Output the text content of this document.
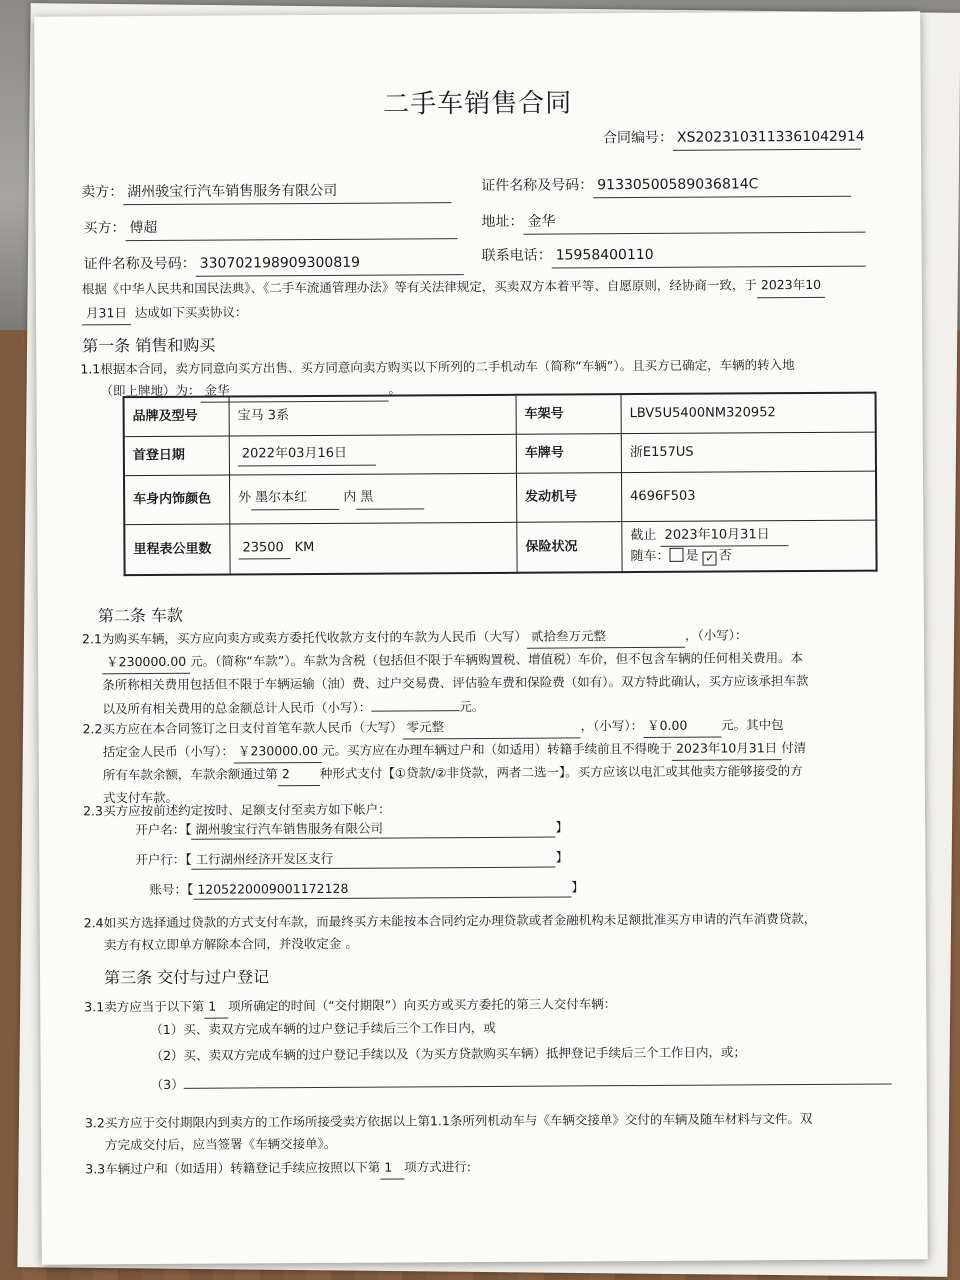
二手车销售合同
合同编号： XS2023103113361042914
卖方： 湖州骏宝行汽车销售服务有限公司	证件名称及号码： 91330500589036814C
买方： 傅超	地址： 金华
证件名称及号码： 330702198909300819	联系电话： 15958400110
根据《中华人民共和国民法典》、《二手车流通管理办法》等有关法律规定，买卖双方本着平等、自愿原则，经协商一致，于 2023年10
月31日 达成如下买卖协议：
第一条 销售和购买
1.1 根据本合同，卖方同意向买方出售、买方同意向卖方购买以下所列的二手机动车（简称“车辆”）。且买方已确定，车辆的转入地
（即上牌地）为： 金华	。
品牌及型号	宝马 3系	车架号	LBV5U5400NM320952
首登日期	2022年03月16日	车牌号	浙E157US
车身内饰颜色	外 墨尔本红 内 黑	发动机号	4696F503
里程表公里数	23500 KM	保险状况	截止 2023年10月31日
随车： 是 ✓ 否
第二条 车款
2.1 为购买车辆，买方应向卖方或卖方委托代收款方支付的车款为人民币（大写） 贰拾叁万元整	，（小写）：
￥230000.00 元。（简称“车款”）。车款为含税（包括但不限于车辆购置税、增值税）车价，但不包含车辆的任何相关费用。本
条所称相关费用包括但不限于车辆运输（油）费、过户交易费、评估验车费和保险费（如有）。双方特此确认，买方应该承担车款
以及所有相关费用的总金额总计人民币（小写）：	元。
2.2 买方应在本合同签订之日支付首笔车款人民币（大写） 零元整	，（小写）： ￥0.00	元。其中包
括定金人民币（小写）： ￥230000.00 元。买方应在办理车辆过户和（如适用）转籍手续前且不得晚于 2023年10月31日 付清
所有车款余额，车款余额通过第 2 种形式支付【①贷款/②非贷款，两者二选一】。买方应该以电汇或其他卖方能够接受的方
式支付车款。
2.3 买方应按前述约定按时、足额支付至卖方如下帐户：
开户名：【 湖州骏宝行汽车销售服务有限公司	】
开户行：【 工行湖州经济开发区支行	】
账号：【 1205220009001172128	】
2.4 如买方选择通过贷款的方式支付车款，而最终买方未能按本合同约定办理贷款或者金融机构未足额批准买方申请的汽车消费贷款，
卖方有权立即单方解除本合同，并没收定金 。
第三条 交付与过户登记
3.1 卖方应当于以下第 1 项所确定的时间（“交付期限”）向买方或买方委托的第三人交付车辆：
（1）买、卖双方完成车辆的过户登记手续后三个工作日内，或
（2）买、卖双方完成车辆的过户登记手续以及（为买方贷款购买车辆）抵押登记手续后三个工作日内，或；
（3）
3.2 买方应于交付期限内到卖方的工作场所接受卖方依据以上第1.1条所列机动车与《车辆交接单》交付的车辆及随车材料与文件。双
方完成交付后，应当签署《车辆交接单》。
3.3 车辆过户和（如适用）转籍登记手续应按照以下第 1 项方式进行:
